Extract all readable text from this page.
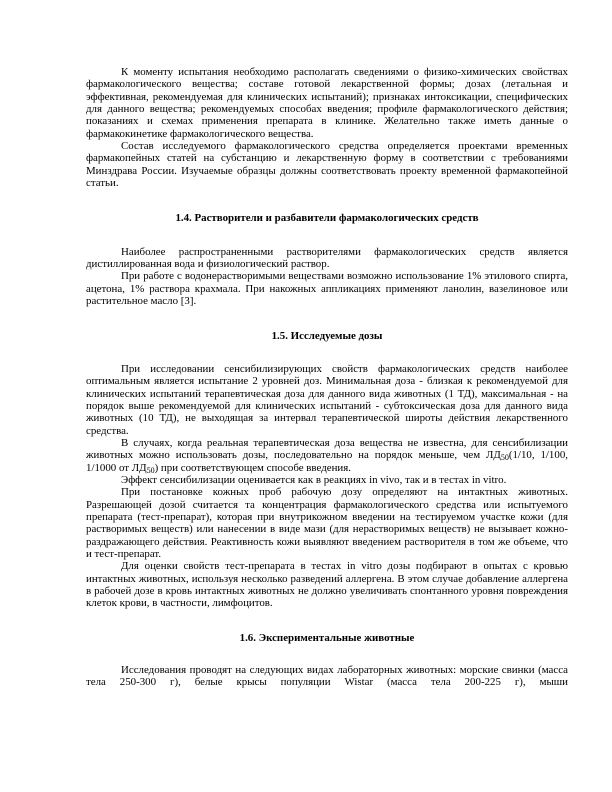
К моменту испытания необходимо располагать сведениями о физико-химических свойствах фармакологического вещества; составе готовой лекарственной формы; дозах (летальная и эффективная, рекомендуемая для клинических испытаний); признаках интоксикации, специфических для данного вещества; рекомендуемых способах введения; профиле фармакологического действия; показаниях и схемах применения препарата в клинике. Желательно также иметь данные о фармакокинетике фармакологического вещества.

Состав исследуемого фармакологического средства определяется проектами временных фармакопейных статей на субстанцию и лекарственную форму в соответствии с требованиями Минздрава России. Изучаемые образцы должны соответствовать проекту временной фармакопейной статьи.

1.4. Растворители и разбавители фармакологических средств

Наиболее распространенными растворителями фармакологических средств является дистиллированная вода и физиологический раствор.

При работе с водонерастворимыми веществами возможно использование 1% этилового спирта, ацетона, 1% раствора крахмала. При накожных аппликациях применяют ланолин, вазелиновое или растительное масло [3].

1.5. Исследуемые дозы

При исследовании сенсибилизирующих свойств фармакологических средств наиболее оптимальным является испытание 2 уровней доз. Минимальная доза - близкая к рекомендуемой для клинических испытаний терапевтическая доза для данного вида животных (1 ТД), максимальная - на порядок выше рекомендуемой для клинических испытаний - субтоксическая доза для данного вида животных (10 ТД), не выходящая за интервал терапевтической широты действия лекарственного средства.

В случаях, когда реальная терапевтическая доза вещества не известна, для сенсибилизации животных можно использовать дозы, последовательно на порядок меньше, чем $ЛД_{50}(1/10$, 1/100, 1/1000 от $ЛД_{50}$) при соответствующем способе введения.

Эффект сенсибилизации оценивается как в реакциях in vivo, так и в тестах in vitro.

При постановке кожных проб рабочую дозу определяют на интактных животных. Разрешающей дозой считается та концентрация фармакологического средства или испытуемого препарата (тест-препарат), которая при внутрикожном введении на тестируемом участке кожи (для растворимых веществ) или нанесении в виде мази (для нерастворимых веществ) не вызывает кожно-раздражающего действия. Реактивность кожи выявляют введением растворителя в том же объеме, что и тест-препарат.

Для оценки свойств тест-препарата в тестах in vitro дозы подбирают в опытах с кровью интактных животных, используя несколько разведений аллергена. В этом случае добавление аллергена в рабочей дозе в кровь интактных животных не должно увеличивать спонтанного уровня повреждения клеток крови, в частности, лимфоцитов.

1.6. Экспериментальные животные

Исследования проводят на следующих видах лабораторных животных: морские свинки (масса тела 250-300 г), белые крысы популяции Wistar (масса тела 200-225 г), мыши
